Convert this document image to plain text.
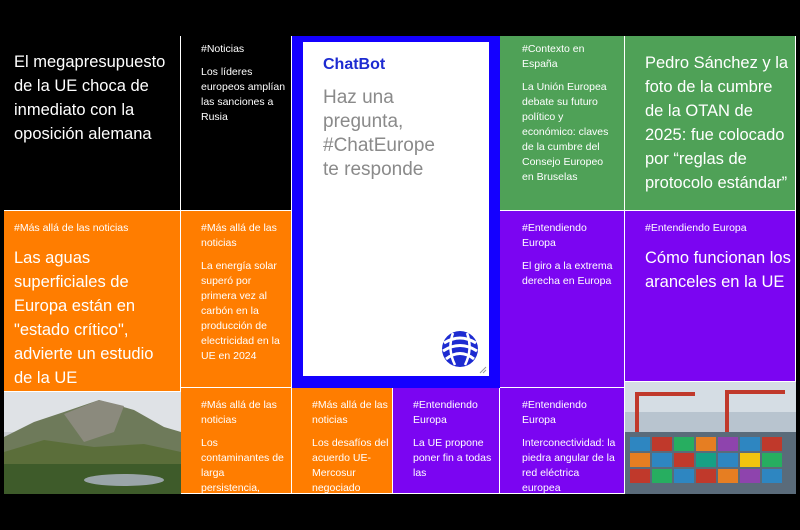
El megapresupuesto de la UE choca de inmediato con la oposición alemana
#Noticias
Los líderes europeos amplían las sanciones a Rusia
ChatBot
Haz una
pregunta,
#ChatEurope
te responde
#Contexto en España
La Unión Europea debate su futuro político y económico: claves de la cumbre del Consejo Europeo en Bruselas
Pedro Sánchez y la foto de la cumbre de la OTAN de 2025: fue colocado por “reglas de protocolo estándar”
#Más allá de las noticias
Las aguas superficiales de Europa están en "estado crítico", advierte un estudio de la UE
#Más allá de las noticias
La energía solar superó por primera vez al carbón en la producción de electricidad en la UE en 2024
#Entendiendo Europa
El giro a la extrema derecha en Europa
#Entendiendo Europa
Cómo funcionan los aranceles en la UE
#Más allá de las noticias
Los contaminantes de larga persistencia,
#Más allá de las noticias
Los desafíos del acuerdo UE-Mercosur negociado
#Entendiendo Europa
La UE propone poner fin a todas las
#Entendiendo Europa
Interconectividad: la piedra angular de la red eléctrica europea
